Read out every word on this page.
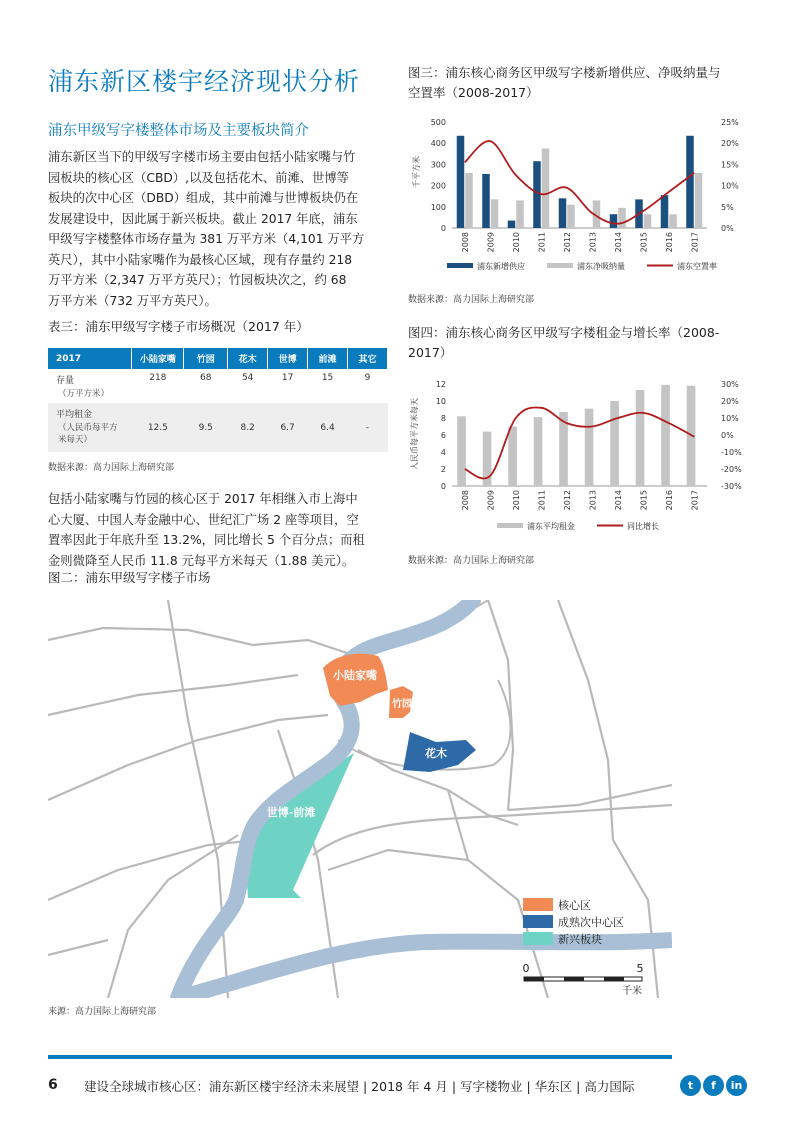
浦东新区楼宇经济现状分析
浦东甲级写字楼整体市场及主要板块简介
浦东新区当下的甲级写字楼市场主要由包括小陆家嘴与竹
园板块的核心区（CBD）,以及包括花木、前滩、世博等
板块的次中心区（DBD）组成，其中前滩与世博板块仍在
发展建设中，因此属于新兴板块。截止 2017 年底，浦东
甲级写字楼整体市场存量为 381 万平方米（4,101 万平方
英尺），其中小陆家嘴作为最核心区域，现有存量约 218
万平方米（2,347 万平方英尺）；竹园板块次之，约 68
万平方米（732 万平方英尺）。
表三：浦东甲级写字楼子市场概况（2017 年）
2017	小陆家嘴	竹园	花木	世博	前滩	其它
存量
（万平方米）	218	68	54	17	15	9
平均租金
（人民币每平方
米每天）	12.5	9.5	8.2	6.7	6.4	-
数据来源：高力国际上海研究部
包括小陆家嘴与竹园的核心区于 2017 年相继入市上海中
心大厦、中国人寿金融中心、世纪汇广场 2 座等项目，空
置率因此于年底升至 13.2%，同比增长 5 个百分点；而租
金则微降至人民币 11.8 元每平方米每天（1.88 美元）。
图二：浦东甲级写字楼子市场
图三：浦东核心商务区甲级写字楼新增供应、净吸纳量与
空置率（2008-2017）
千平方米
500
400
300
200
100
0
25%
20%
15%
10%
5%
0%
2008 2009 2010 2011 2012 2013 2014 2015 2016 2017
浦东新增供应	浦东净吸纳量	浦东空置率
数据来源：高力国际上海研究部
图四：浦东核心商务区甲级写字楼租金与增长率（2008-
2017）
人民币每平方米每天
12
10
8
6
4
2
0
30%
20%
10%
0%
-10%
-20%
-30%
2008 2009 2010 2011 2012 2013 2014 2015 2016 2017
浦东平均租金	同比增长
数据来源：高力国际上海研究部
小陆家嘴
竹园
花木
世博-前滩
核心区
成熟次中心区
新兴板块
0	5
千米
来源：高力国际上海研究部
6 建设全球城市核心区：浦东新区楼宇经济未来展望 | 2018 年 4 月 | 写字楼物业 | 华东区 | 高力国际	t	f	in
